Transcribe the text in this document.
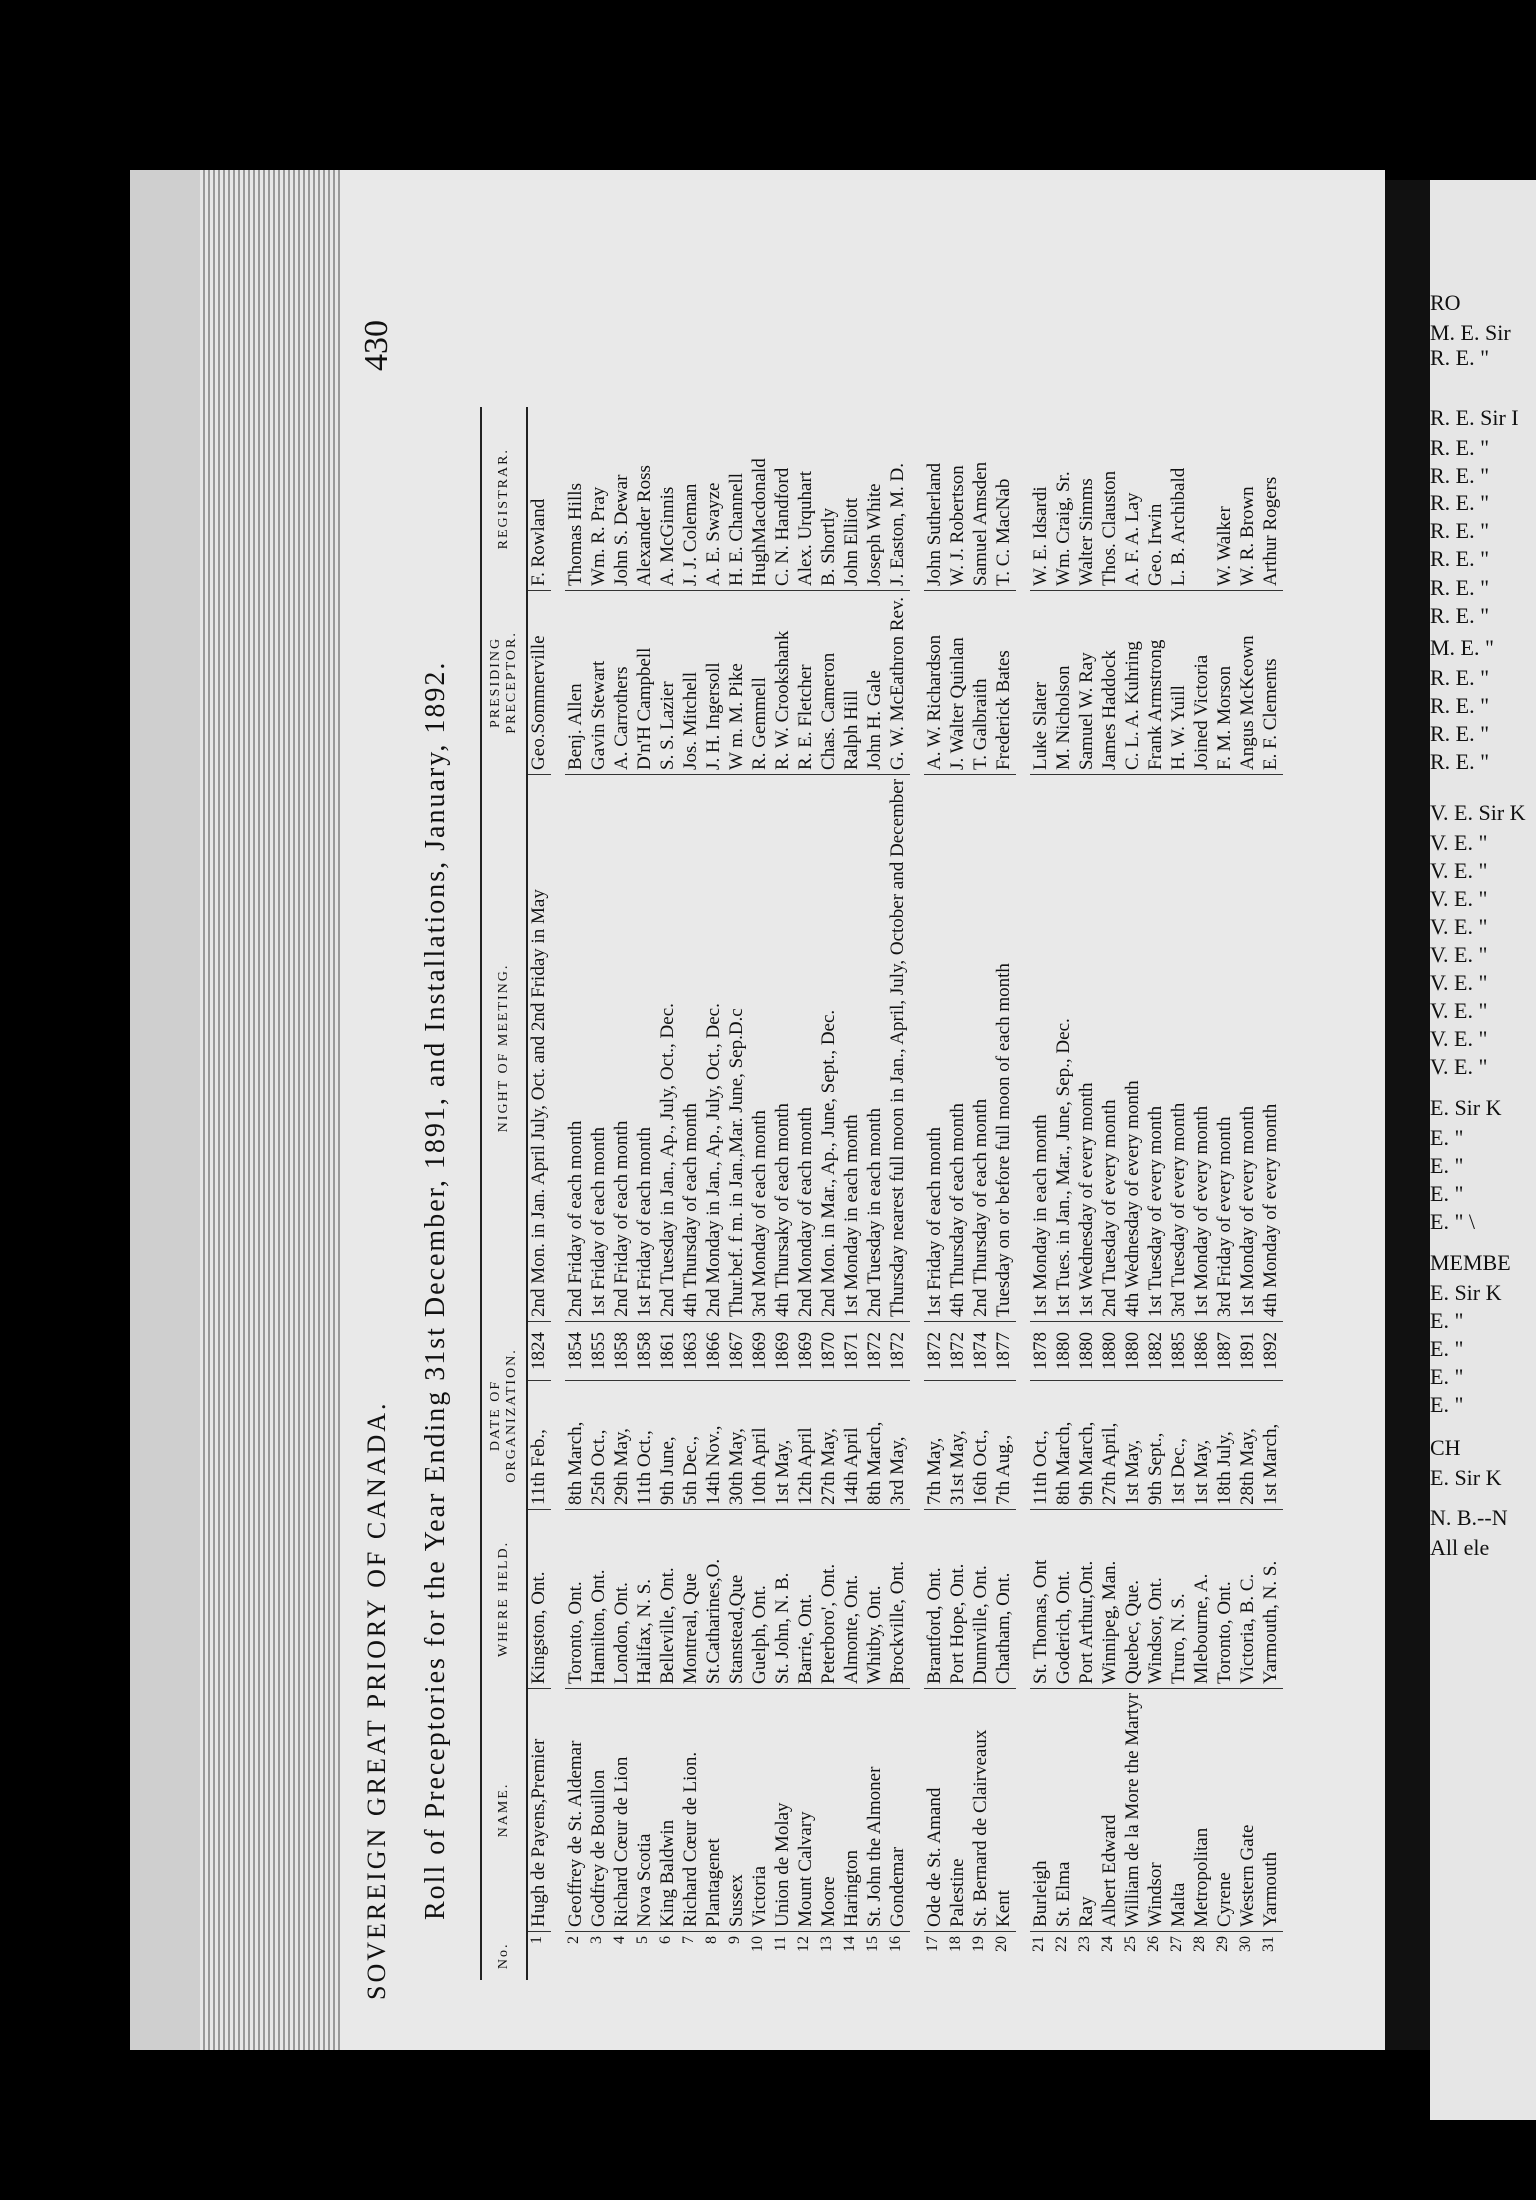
SOVEREIGN GREAT PRIORY OF CANADA.
430
Roll of Preceptories for the Year Ending 31st December, 1891, and Installations, January, 1892.
No.	NAME.	WHERE HELD.	DATE OF ORGANIZATION.		NIGHT OF MEETING.	PRESIDING PRECEPTOR.	REGISTRAR.
1	Hugh de Payens,Premier	Kingston, Ont.	11th Feb.,	1824	2nd Mon. in Jan. April July, Oct. and 2nd Friday in May	Geo.Sommerville	F. Rowland

2	Geoffrey de St. Aldemar	Toronto, Ont.	8th March,	1854	2nd Friday of each month	Benj. Allen	Thomas Hills
3	Godfrey de Bouillon	Hamilton, Ont.	25th Oct.,	1855	1st Friday of each month	Gavin Stewart	Wm. R. Pray
4	Richard Cœur de Lion	London, Ont.	29th May,	1858	2nd Friday of each month	A. Carrothers	John S. Dewar
5	Nova Scotia	Halifax, N. S.	11th Oct.,	1858	1st Friday of each month	D'n'H Campbell	Alexander Ross
6	King Baldwin	Belleville, Ont.	9th June,	1861	2nd Tuesday in Jan., Ap., July, Oct., Dec.	S. S. Lazier	A. McGinnis
7	Richard Cœur de Lion.	Montreal, Que	5th Dec.,	1863	4th Thursday of each month	Jos. Mitchell	J. J. Coleman
8	Plantagenet	St.Catharines,O.	14th Nov.,	1866	2nd Monday in Jan., Ap., July, Oct., Dec.	J. H. Ingersoll	A. E. Swayze
9	Sussex	Stanstead,Que	30th May,	1867	Thur.bef. f m. in Jan.,Mar. June, Sep.D.c	W m. M. Pike	H. E. Channell
10	Victoria	Guelph, Ont.	10th April	1869	3rd Monday of each month	R. Gemmell	HughMacdonald
11	Union de Molay	St. John, N. B.	1st May,	1869	4th Thursaky of each month	R. W. Crookshank	C. N. Handford
12	Mount Calvary	Barrie, Ont.	12th April	1869	2nd Monday of each month	R. E. Fletcher	Alex. Urquhart
13	Moore	Peterboro', Ont.	27th May,	1870	2nd Mon. in Mar., Ap., June, Sept., Dec.	Chas. Cameron	B. Shortly
14	Harington	Almonte, Ont.	14th April	1871	1st Monday in each month	Ralph Hill	John Elliott
15	St. John the Almoner	Whitby, Ont.	8th March,	1872	2nd Tuesday in each month	John H. Gale	Joseph White
16	Gondemar	Brockville, Ont.	3rd May,	1872	Thursday nearest full moon in Jan., April, July, October and December	G. W. McEathron Rev.	J. Easton, M. D.

17	Ode de St. Amand	Brantford, Ont.	7th May,	1872	1st Friday of each month	A. W. Richardson	John Sutherland
18	Palestine	Port Hope, Ont.	31st May,	1872	4th Thursday of each month	J. Walter Quinlan	W. J. Robertson
19	St. Bernard de Clairveaux	Dunnville, Ont.	16th Oct.,	1874	2nd Thursday of each month	T. Galbraith	Samuel Amsden
20	Kent	Chatham, Ont.	7th Aug.,	1877	Tuesday on or before full moon of each month	Frederick Bates	T. C. MacNab

21	Burleigh	St. Thomas, Ont	11th Oct.,	1878	1st Monday in each month	Luke Slater	W. E. Idsardi
22	St. Elma	Goderich, Ont.	8th March,	1880	1st Tues. in Jan., Mar., June, Sep., Dec.	M. Nicholson	Wm. Craig, Sr.
23	Ray	Port Arthur,Ont.	9th March,	1880	1st Wednesday of every month	Samuel W. Ray	Walter Simms
24	Albert Edward	Winnipeg, Man.	27th April,	1880	2nd Tuesday of every month	James Haddock	Thos. Clauston
25	William de la More the Martyr	Quebec, Que.	1st May,	1880	4th Wednesday of every month	C. L. A. Kuhring	A. F. A. Lay
26	Windsor	Windsor, Ont.	9th Sept.,	1882	1st Tuesday of every month	Frank Armstrong	Geo. Irwin
27	Malta	Truro, N. S.	1st Dec.,	1885	3rd Tuesday of every month	H. W. Yuill	L. B. Archibald
28	Metropolitan	Mlebourne, A.	1st May,	1886	1st Monday of every month	Joined Victoria	
29	Cyrene	Toronto, Ont.	18th July,	1887	3rd Friday of every month	F. M. Morson	W. Walker
30	Western Gate	Victoria, B. C.	28th May,	1891	1st Monday of every month	Angus McKeown	W. R. Brown
31	Yarmouth	Yarmouth, N. S.	1st March,	1892	4th Monday of every month	E. F. Clements	Arthur Rogers
RO
M. E. Sir
R. E. "
R. E. Sir I
R. E. "
R. E. "
R. E. "
R. E. "
R. E. "
R. E. "
R. E. "
M. E. "
R. E. "
R. E. "
R. E. "
R. E. "
V. E. Sir K
V. E. "
V. E. "
V. E. "
V. E. "
V. E. "
V. E. "
V. E. "
V. E. "
V. E. "
E. Sir K
E. "
E. "
E. "
E. " \
MEMBE
E. Sir K
E. "
E. "
E. "
E. "
CH
E. Sir K
N. B.--N
All ele
